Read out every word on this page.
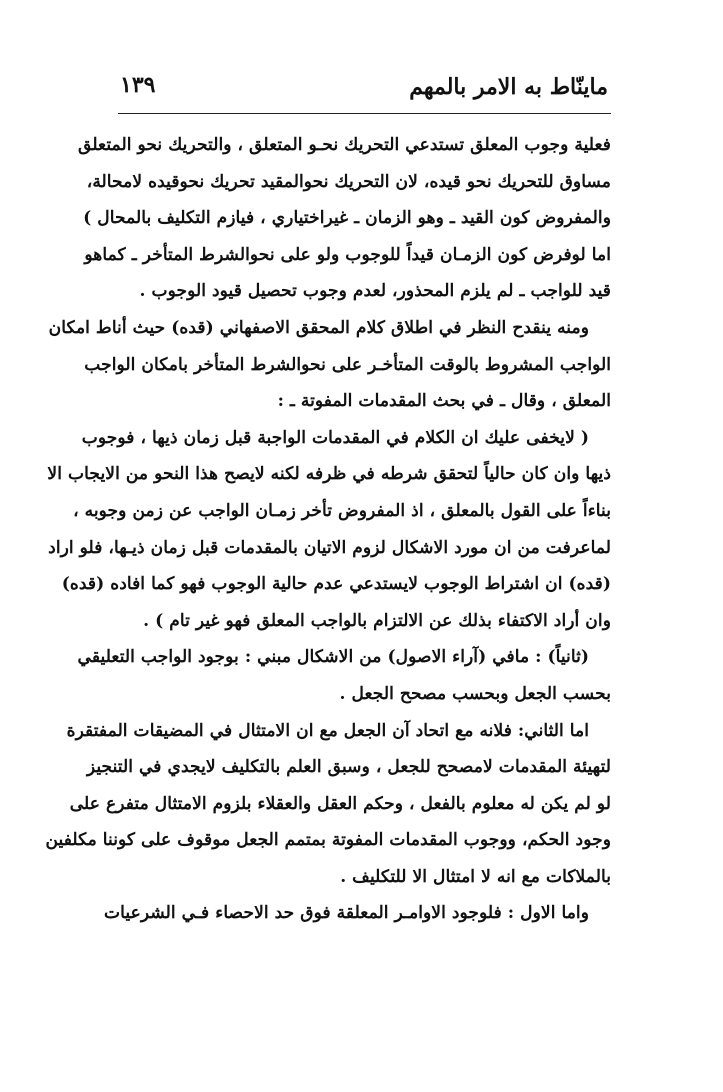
ماينّاط به الامر بالمهم
١٣٩
فعلية وجوب المعلق تستدعي التحريك نحـو المتعلق ، والتحريك نحو المتعلق
مساوق للتحريك نحو قيده، لان التحريك نحوالمقيد تحريك نحوقيده لامحالة،
والمفروض كون القيد ـ وهو الزمان ـ غيراختياري ، فيازم التكليف بالمحال )
اما لوفرض كون الزمـان قيداً للوجوب ولو على نحوالشرط المتأخر ـ كماهو
قيد للواجب ـ لم يلزم المحذور، لعدم وجوب تحصيل قيود الوجوب .
ومنه ينقدح النظر في اطلاق كلام المحقق الاصفهاني (قده) حيث أناط امكان
الواجب المشروط بالوقت المتأخـر على نحوالشرط المتأخر بامكان الواجب
المعلق ، وقال ـ في بحث المقدمات المفوتة ـ :
( لايخفى عليك ان الكلام في المقدمات الواجبة قبل زمان ذيها ، فوجوب
ذيها وان كان حالياً لتحقق شرطه في ظرفه لكنه لايصح هذا النحو من الايجاب الا
بناءاً على القول بالمعلق ، اذ المفروض تأخر زمـان الواجب عن زمن وجوبه ،
لماعرفت من ان مورد الاشكال لزوم الاتيان بالمقدمات قبل زمان ذيـها، فلو اراد
(قده) ان اشتراط الوجوب لايستدعي عدم حالية الوجوب فهو كما افاده (قده)
وان أراد الاكتفاء بذلك عن الالتزام بالواجب المعلق فهو غير تام ) .
(ثانياً) : مافي (آراء الاصول) من الاشكال مبني : بوجود الواجب التعليقي
بحسب الجعل وبحسب مصحح الجعل .
اما الثاني: فلانه مع اتحاد آن الجعل مع ان الامتثال في المضيقات المفتقرة
لتهيئة المقدمات لامصحح للجعل ، وسبق العلم بالتكليف لايجدي في التنجيز
لو لم يكن له معلوم بالفعل ، وحكم العقل والعقلاء بلزوم الامتثال متفرع على
وجود الحكم، ووجوب المقدمات المفوتة بمتمم الجعل موقوف على كوننا مكلفين
بالملاكات مع انه لا امتثال الا للتكليف .
واما الاول : فلوجود الاوامـر المعلقة فوق حد الاحصاء فـي الشرعيات
